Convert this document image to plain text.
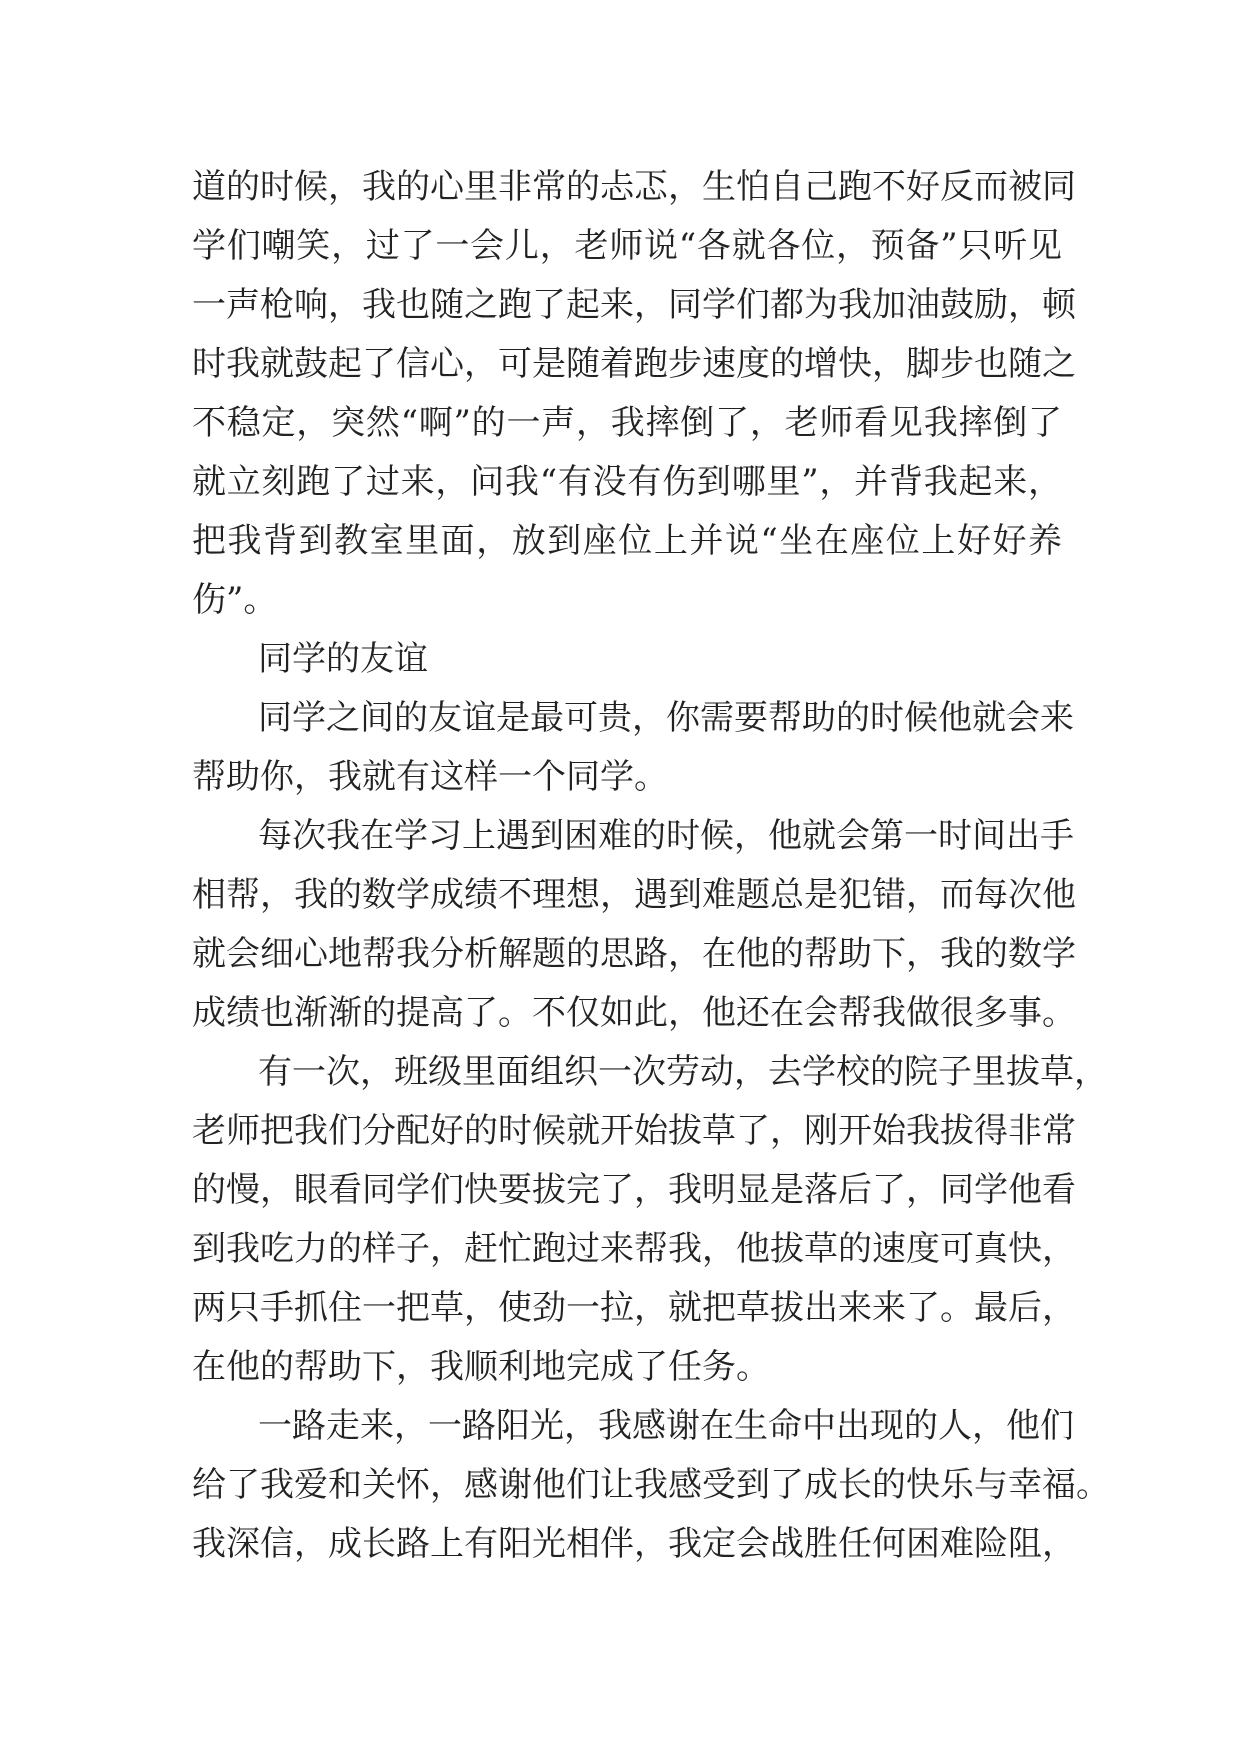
道的时候，我的心里非常的忐忑，生怕自己跑不好反而被同
学们嘲笑，过了一会儿，老师说“各就各位，预备”只听见
一声枪响，我也随之跑了起来，同学们都为我加油鼓励，顿
时我就鼓起了信心，可是随着跑步速度的增快，脚步也随之
不稳定，突然“啊”的一声，我摔倒了，老师看见我摔倒了
就立刻跑了过来，问我“有没有伤到哪里”，并背我起来，
把我背到教室里面，放到座位上并说“坐在座位上好好养
伤”。
同学的友谊
同学之间的友谊是最可贵，你需要帮助的时候他就会来
帮助你，我就有这样一个同学。
每次我在学习上遇到困难的时候，他就会第一时间出手
相帮，我的数学成绩不理想，遇到难题总是犯错，而每次他
就会细心地帮我分析解题的思路，在他的帮助下，我的数学
成绩也渐渐的提高了。不仅如此，他还在会帮我做很多事。
有一次，班级里面组织一次劳动，去学校的院子里拔草，
老师把我们分配好的时候就开始拔草了，刚开始我拔得非常
的慢，眼看同学们快要拔完了，我明显是落后了，同学他看
到我吃力的样子，赶忙跑过来帮我，他拔草的速度可真快，
两只手抓住一把草，使劲一拉，就把草拔出来来了。最后，
在他的帮助下，我顺利地完成了任务。
一路走来，一路阳光，我感谢在生命中出现的人，他们
给了我爱和关怀，感谢他们让我感受到了成长的快乐与幸福。
我深信，成长路上有阳光相伴，我定会战胜任何困难险阻，
